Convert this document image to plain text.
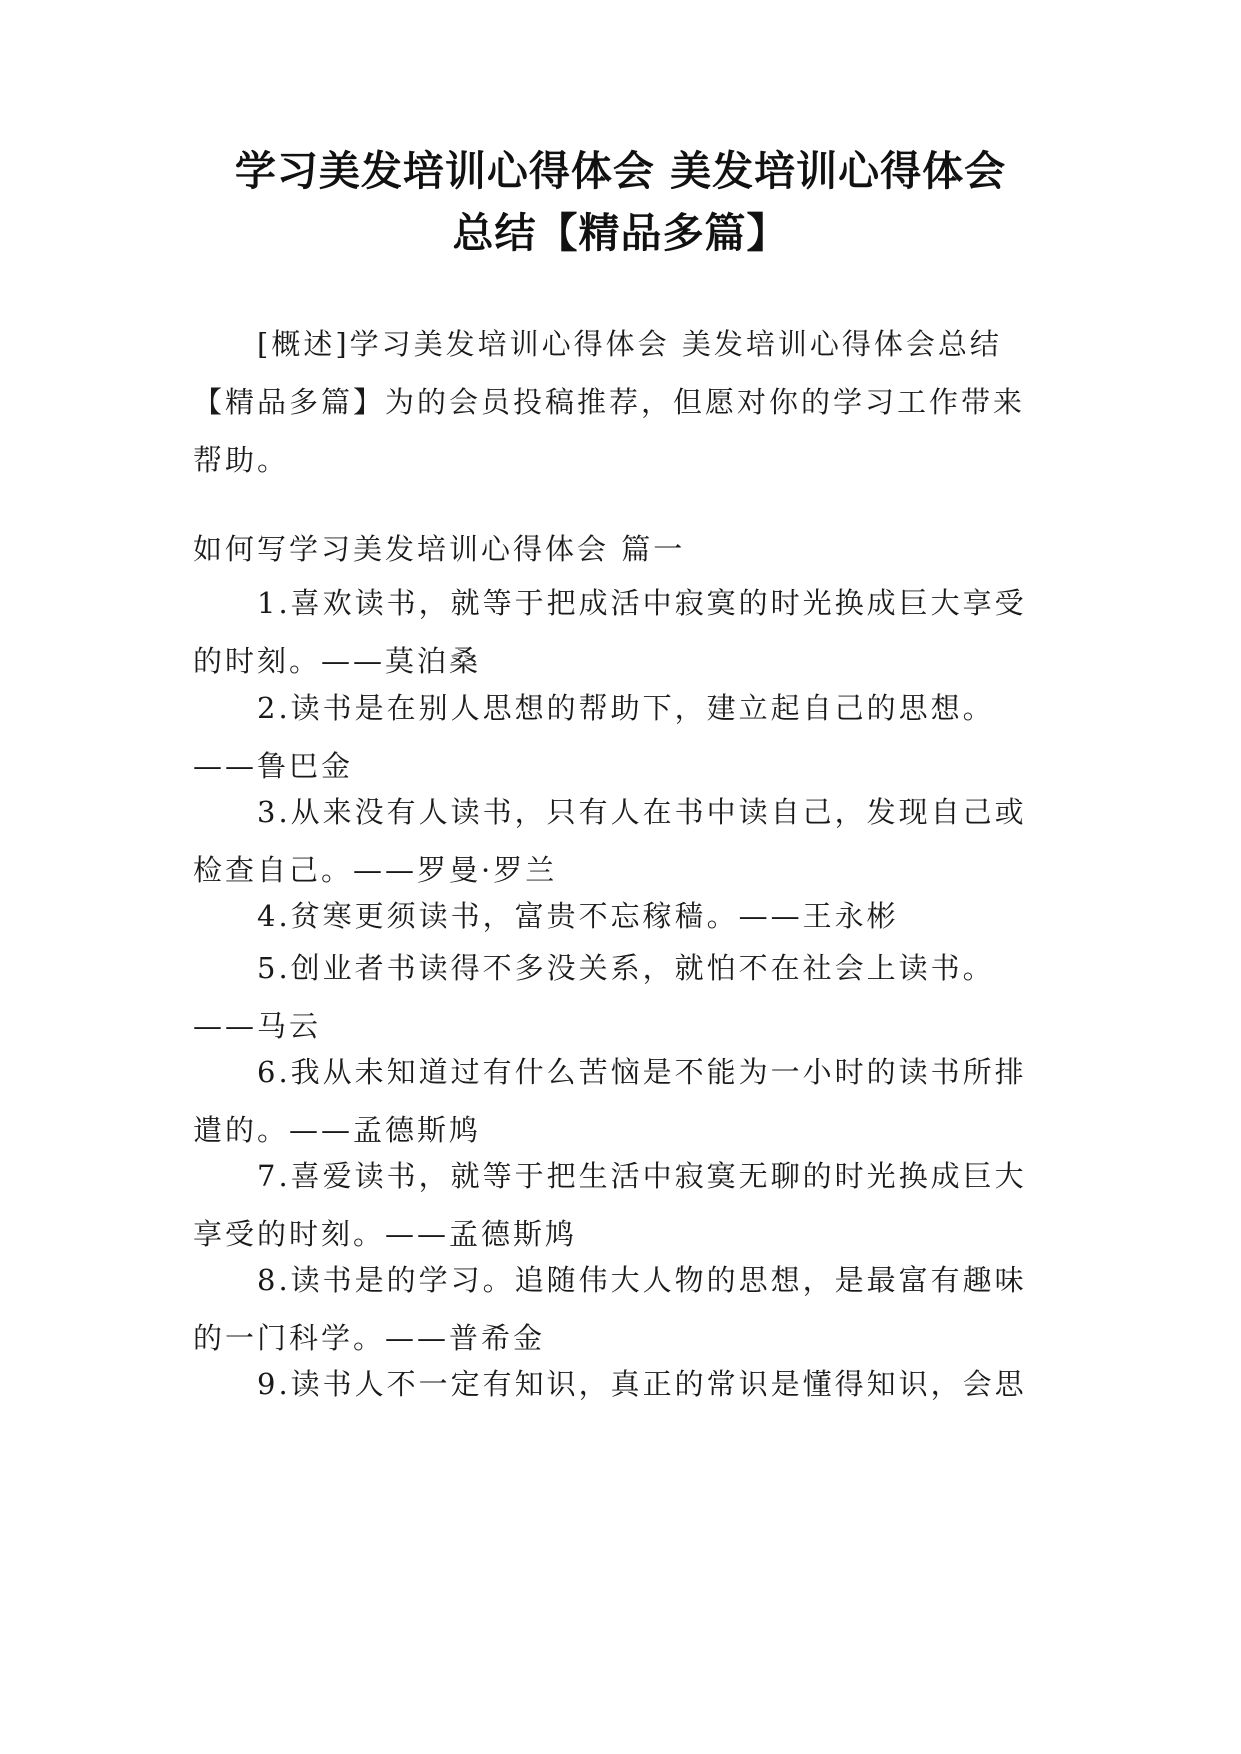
学习美发培训心得体会 美发培训心得体会
总结【精品多篇】

[概述]学习美发培训心得体会 美发培训心得体会总结【精品多篇】为的会员投稿推荐，但愿对你的学习工作带来帮助。

如何写学习美发培训心得体会 篇一

1.喜欢读书，就等于把成活中寂寞的时光换成巨大享受的时刻。——莫泊桑

2.读书是在别人思想的帮助下，建立起自己的思想。——鲁巴金

3.从来没有人读书，只有人在书中读自己，发现自己或检查自己。——罗曼·罗兰

4.贫寒更须读书，富贵不忘稼穑。——王永彬

5.创业者书读得不多没关系，就怕不在社会上读书。——马云

6.我从未知道过有什么苦恼是不能为一小时的读书所排遣的。——孟德斯鸠

7.喜爱读书，就等于把生活中寂寞无聊的时光换成巨大享受的时刻。——孟德斯鸠

8.读书是的学习。追随伟大人物的思想，是最富有趣味的一门科学。——普希金

9.读书人不一定有知识，真正的常识是懂得知识，会思
